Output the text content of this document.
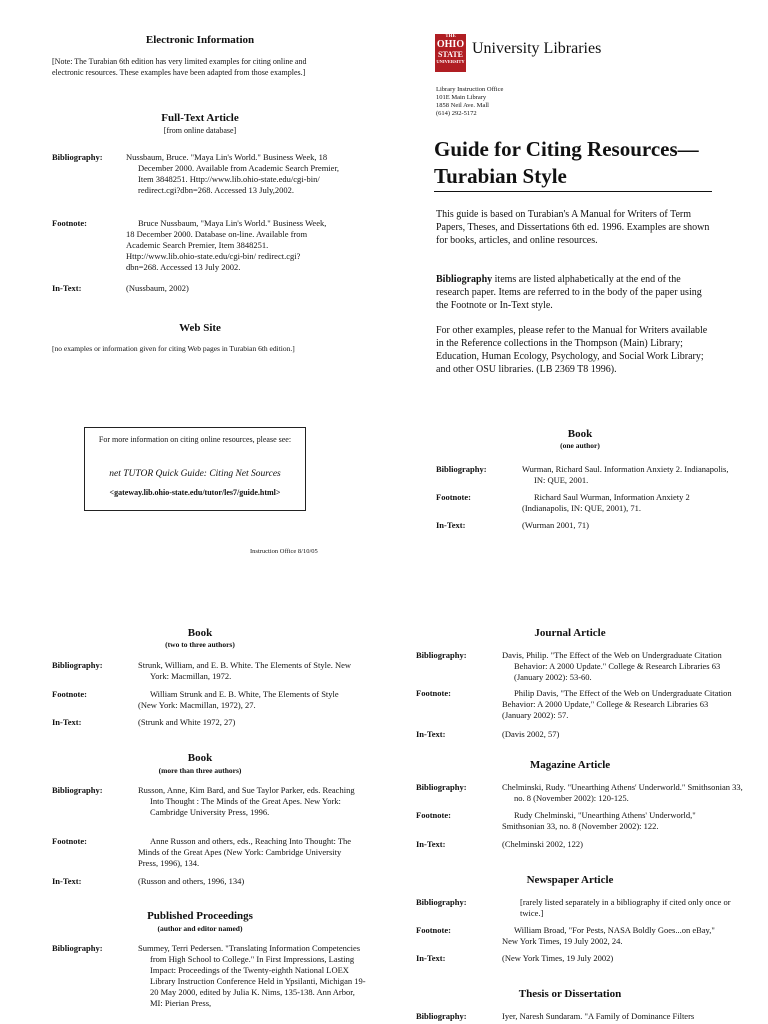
Electronic Information
[Note: The Turabian 6th edition has very limited examples for citing online and electronic resources. These examples have been adapted from those examples.]
Full-Text Article
[from online database]
Bibliography:	Nussbaum, Bruce. "Maya Lin's World." Business Week, 18 December 2000. Available from Academic Search Premier, Item 3848251. Http://www.lib.ohio-state.edu/cgi-bin/ redirect.cgi?dbn=268. Accessed 13 July,2002.
Footnote:	Bruce Nussbaum, "Maya Lin's World." Business Week, 18 December 2000. Database on-line. Available from Academic Search Premier, Item 3848251. Http://www.lib.ohio-state.edu/cgi-bin/ redirect.cgi?dbn=268. Accessed 13 July 2002.
In-Text:	(Nussbaum, 2002)
Web Site
[no examples or information given for citing Web pages in Turabian 6th edition.]
For more information on citing online resources, please see:
net TUTOR Quick Guide: Citing Net Sources
<gateway.lib.ohio-state.edu/tutor/les7/guide.html>
Instruction Office 8/10/05
THE
OHIO
STATE
UNIVERSITY
University Libraries
Library Instruction Office
101E Main Library
1858 Neil Ave. Mall
(614) 292-5172
Guide for Citing Resources—
Turabian Style
This guide is based on Turabian's A Manual for Writers of Term Papers, Theses, and Dissertations 6th ed. 1996. Examples are shown for books, articles, and online resources.
Bibliography items are listed alphabetically at the end of the research paper. Items are referred to in the body of the paper using the Footnote or In-Text style.
For other examples, please refer to the Manual for Writers available in the Reference collections in the Thompson (Main) Library; Education, Human Ecology, Psychology, and Social Work Library; and other OSU libraries. (LB 2369 T8 1996).
Book
(one author)
Bibliography:	Wurman, Richard Saul. Information Anxiety 2. Indianapolis, IN: QUE, 2001.
Footnote:	Richard Saul Wurman, Information Anxiety 2 (Indianapolis, IN: QUE, 2001), 71.
In-Text:	(Wurman 2001, 71)
Book
(two to three authors)
Bibliography:	Strunk, William, and E. B. White. The Elements of Style. New York: Macmillan, 1972.
Footnote:	William Strunk and E. B. White, The Elements of Style (New York: Macmillan, 1972), 27.
In-Text:	(Strunk and White 1972, 27)
Book
(more than three authors)
Bibliography:	Russon, Anne, Kim Bard, and Sue Taylor Parker, eds. Reaching Into Thought : The Minds of the Great Apes. New York: Cambridge University Press, 1996.
Footnote:	Anne Russon and others, eds., Reaching Into Thought: The Minds of the Great Apes (New York: Cambridge University Press, 1996), 134.
In-Text:	(Russon and others, 1996, 134)
Published Proceedings
(author and editor named)
Bibliography:	Summey, Terri Pedersen. "Translating Information Competencies from High School to College." In First Impressions, Lasting Impact: Proceedings of the Twenty-eighth National LOEX Library Instruction Conference Held in Ypsilanti, Michigan 19-20 May 2000, edited by Julia K. Nims, 135-138. Ann Arbor, MI: Pierian Press,
Journal Article
Bibliography:	Davis, Philip. "The Effect of the Web on Undergraduate Citation Behavior: A 2000 Update." College & Research Libraries 63 (January 2002): 53-60.
Footnote:	Philip Davis, "The Effect of the Web on Undergraduate Citation Behavior: A 2000 Update," College & Research Libraries 63 (January 2002): 57.
In-Text:	(Davis 2002, 57)
Magazine Article
Bibliography:	Chelminski, Rudy. "Unearthing Athens' Underworld." Smithsonian 33, no. 8 (November 2002): 120-125.
Footnote:	Rudy Chelminski, "Unearthing Athens' Underworld," Smithsonian 33, no. 8 (November 2002): 122.
In-Text:	(Chelminski 2002, 122)
Newspaper Article
Bibliography:	[rarely listed separately in a bibliography if cited only once or twice.]
Footnote:	William Broad, "For Pests, NASA Boldly Goes...on eBay," New York Times, 19 July 2002, 24.
In-Text:	(New York Times, 19 July 2002)
Thesis or Dissertation
Bibliography:	Iyer, Naresh Sundaram. "A Family of Dominance Filters
